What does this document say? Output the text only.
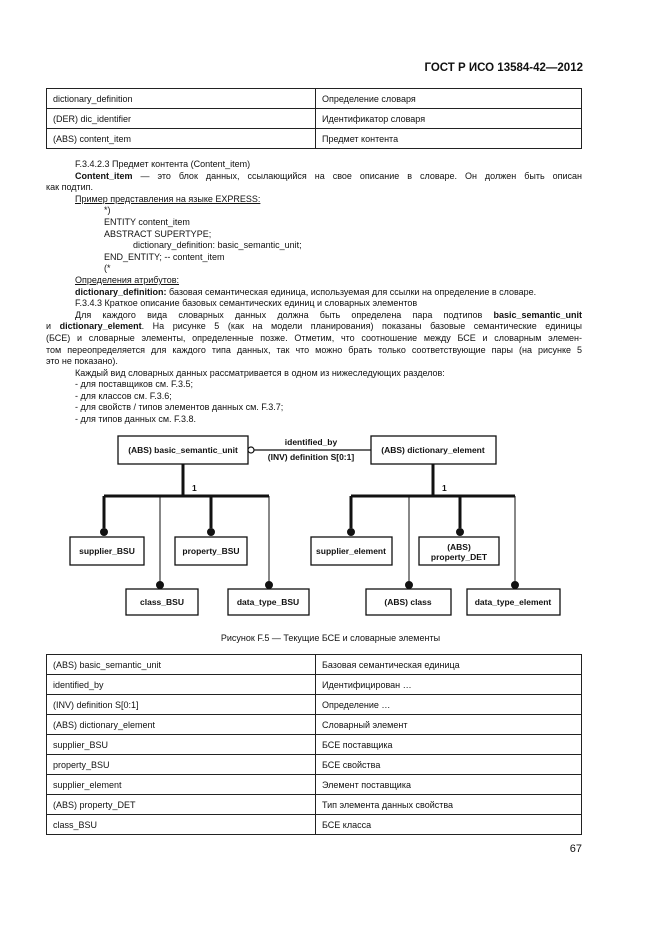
ГОСТ Р ИСО 13584-42—2012
dictionary_definition	Определение словаря
(DER) dic_identifier	Идентификатор словаря
(ABS) content_item	Предмет контента
F.3.4.2.3 Предмет контента (Content_item)
Content_item — это блок данных, ссылающийся на свое описание в словаре. Он должен быть описан
как подтип.
Пример представления на языке EXPRESS:
*)
ENTITY content_item
ABSTRACT SUPERTYPE;
dictionary_definition: basic_semantic_unit;
END_ENTITY; -- content_item
(*
Определения атрибутов:
dictionary_definition: базовая семантическая единица, используемая для ссылки на определение в словаре.
F.3.4.3 Краткое описание базовых семантических единиц и словарных элементов
Для каждого вида словарных данных должна быть определена пара подтипов basic_semantic_unit
и dictionary_element. На рисунке 5 (как на модели планирования) показаны базовые семантические единицы
(БСЕ) и словарные элементы, определенные позже. Отметим, что соотношение между БСЕ и словарным элемен-
том переопределяется для каждого типа данных, так что можно брать только соответствующие пары (на рисунке 5
это не показано).
Каждый вид словарных данных рассматривается в одном из нижеследующих разделов:
- для поставщиков см. F.3.5;
- для классов см. F.3.6;
- для свойств / типов элементов данных см. F.3.7;
- для типов данных см. F.3.8.
(ABS) basic_semantic_unit	(ABS) dictionary_element
identified_by
(INV) definition S[0:1]
1	1
supplier_BSU	property_BSU
class_BSU	data_type_BSU
supplier_element	(ABS)
property_DET
(ABS) class	data_type_element
Рисунок F.5 — Текущие БСЕ и словарные элементы
(ABS) basic_semantic_unit	Базовая семантическая единица
identified_by	Идентифицирован …
(INV) definition S[0:1]	Определение …
(ABS) dictionary_element	Словарный элемент
supplier_BSU	БСЕ поставщика
property_BSU	БСЕ свойства
supplier_element	Элемент поставщика
(ABS) property_DET	Тип элемента данных свойства
class_BSU	БСЕ класса
67
